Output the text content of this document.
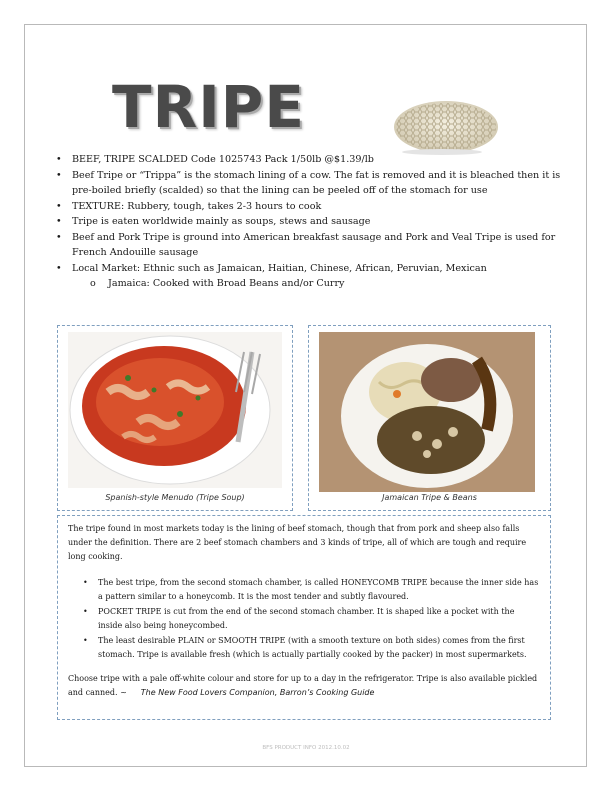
TRIPE
• BEEF, TRIPE SCALDED Code 1025743 Pack 1/50lb @$1.39/lb
• Beef Tripe or “Trippa” is the stomach lining of a cow. The fat is removed and it is bleached then it is pre-boiled briefly (scalded) so that the lining can be peeled off of the stomach for use
• TEXTURE: Rubbery, tough, takes 2-3 hours to cook
• Tripe is eaten worldwide mainly as soups, stews and sausage
• Beef and Pork Tripe is ground into American breakfast sausage and Pork and Veal Tripe is used for French Andouille sausage
• Local Market: Ethnic such as Jamaican, Haitian, Chinese, African, Peruvian, Mexican
o Jamaica: Cooked with Broad Beans and/or Curry
Spanish-style Menudo (Tripe Soup)	Jamaican Tripe & Beans

The tripe found in most markets today is the lining of beef stomach, though that from pork and sheep also falls under the definition. There are 2 beef stomach chambers and 3 kinds of tripe, all of which are tough and require long cooking.

• The best tripe, from the second stomach chamber, is called HONEYCOMB TRIPE because the inner side has a pattern similar to a honeycomb. It is the most tender and subtly flavoured.
• POCKET TRIPE is cut from the end of the second stomach chamber. It is shaped like a pocket with the inside also being honeycombed.
• The least desirable PLAIN or SMOOTH TRIPE (with a smooth texture on both sides) comes from the first stomach. Tripe is available fresh (which is actually partially cooked by the packer) in most supermarkets.

Choose tripe with a pale off-white colour and store for up to a day in the refrigerator. Tripe is also available pickled and canned. ~ The New Food Lovers Companion, Barron’s Cooking Guide

BFS PRODUCT INFO 2012.10.02
